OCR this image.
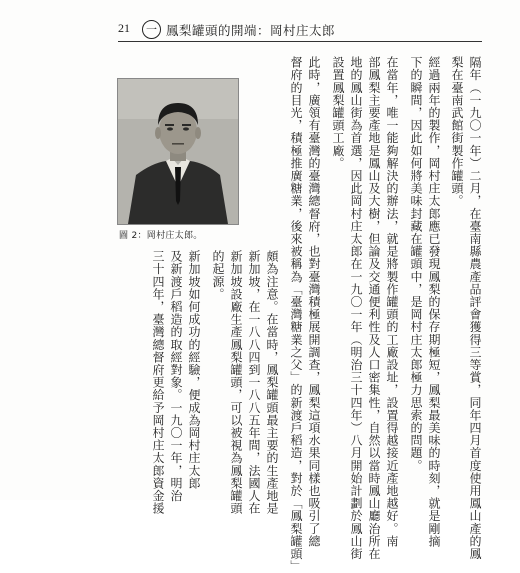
21	一 鳳梨罐頭的開端：岡村庄太郎
隔年（一九〇一年）二月，在臺南縣農產品評會獲得三等賞，同年四月首度使用鳳山產的鳳
梨在臺南武館街製作罐頭。
經過兩年的製作，岡村庄太郎應已發現鳳梨的保存期極短，鳳梨最美味的時刻，就是剛摘
下的瞬間，因此如何將美味封藏在罐頭中，是岡村庄太郎極力思索的問題。
在當年，唯一能夠解決的辦法，就是將製作罐頭的工廠設址，設置得越接近產地越好。南
部鳳梨主要產地是鳳山及大樹，但論及交通便利性及人口密集性，自然以當時鳳山廳治所在
地的鳳山街為首選，因此岡村庄太郎在一九〇一年（明治三十四年）八月開始計劃於鳳山街
設置鳳梨罐頭工廠。
此時，廣領有臺灣的臺灣總督府，也對臺灣積極展開調查，鳳梨這項水果同樣也吸引了總
督府的目光，積極推廣糖業，後來被稱為「臺灣糖業之父」的新渡戶稻造，對於「鳳梨罐頭」
頗為注意。在當時，鳳梨罐頭最主要的生產地是
新加坡，在一八八四到一八八五年間，法國人在
新加坡設廠生產鳳梨罐頭，可以被視為鳳梨罐頭
的起源。
新加坡如何成功的經驗，便成為岡村庄太郎
及新渡戶稻造的取經對象。一九〇一年，明治
三十四年，臺灣總督府更給予岡村庄太郎資金援
圖 2：岡村庄太郎。
